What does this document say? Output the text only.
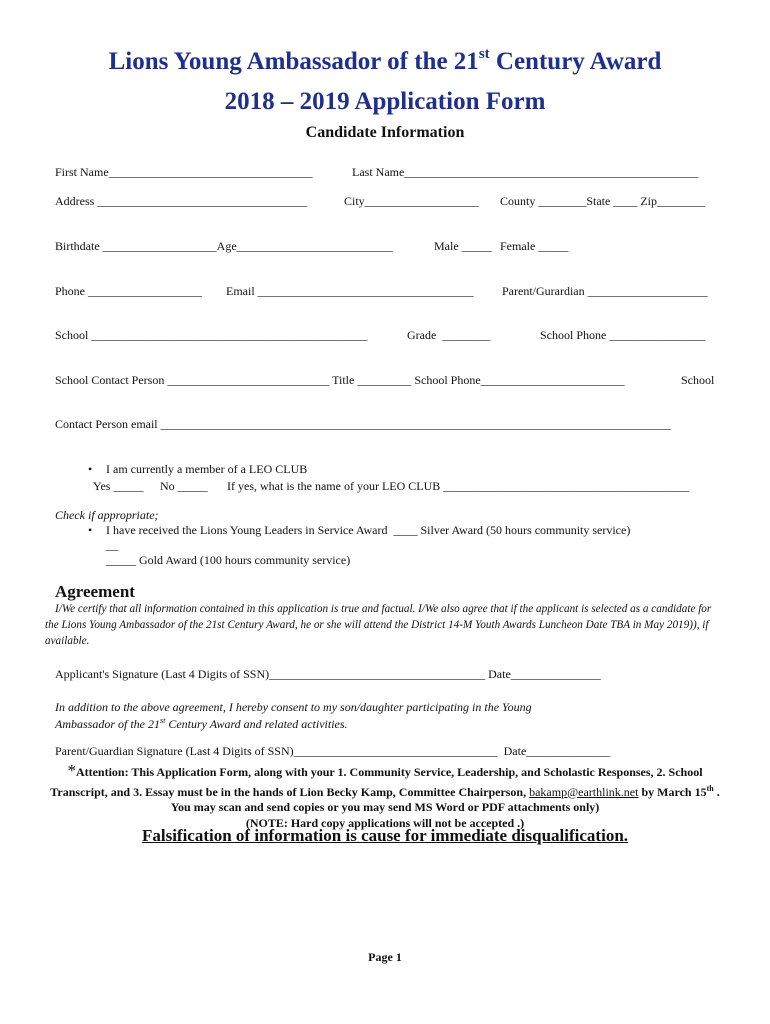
Lions Young Ambassador of the 21st Century Award
2018 – 2019 Application Form
Candidate Information
First Name__________________________________	Last Name_________________________________________________
Address ___________________________________	City___________________ County ________State ____ Zip________
Birthdate ___________________Age__________________________	Male _____ Female _____
Phone ___________________ Email ____________________________________ Parent/Gurardian ____________________
School ______________________________________________	Grade  ________	School Phone ________________
School Contact Person ___________________________ Title _________ School Phone________________________	School
Contact Person email _____________________________________________________________________________________
• I am currently a member of a LEO CLUB
Yes _____ No _____ If yes, what is the name of your LEO CLUB _________________________________________
Check if appropriate;
• I have received the Lions Young Leaders in Service Award  ____ Silver Award (50 hours community service)
__
_____ Gold Award (100 hours community service)
Agreement
I/We certify that all information contained in this application is true and factual. I/We also agree that if the applicant is selected as a candidate for the Lions Young Ambassador of the 21st Century Award, he or she will attend the District 14-M Youth Awards Luncheon Date TBA in May 2019)), if available.
Applicant's Signature (Last 4 Digits of SSN)____________________________________ Date_______________
In addition to the above agreement, I hereby consent to my son/daughter participating in the Young
Ambassador of the 21st Century Award and related activities.
Parent/Guardian Signature (Last 4 Digits of SSN)__________________________________  Date______________
*Attention: This Application Form, along with your 1. Community Service, Leadership, and Scholastic Responses, 2. School Transcript, and 3. Essay must be in the hands of Lion Becky Kamp, Committee Chairperson, bakamp@earthlink.net by March 15th . You may scan and send copies or you may send MS Word or PDF attachments only)
(NOTE: Hard copy applications will not be accepted .)
Falsification of information is cause for immediate disqualification.
Page 1
